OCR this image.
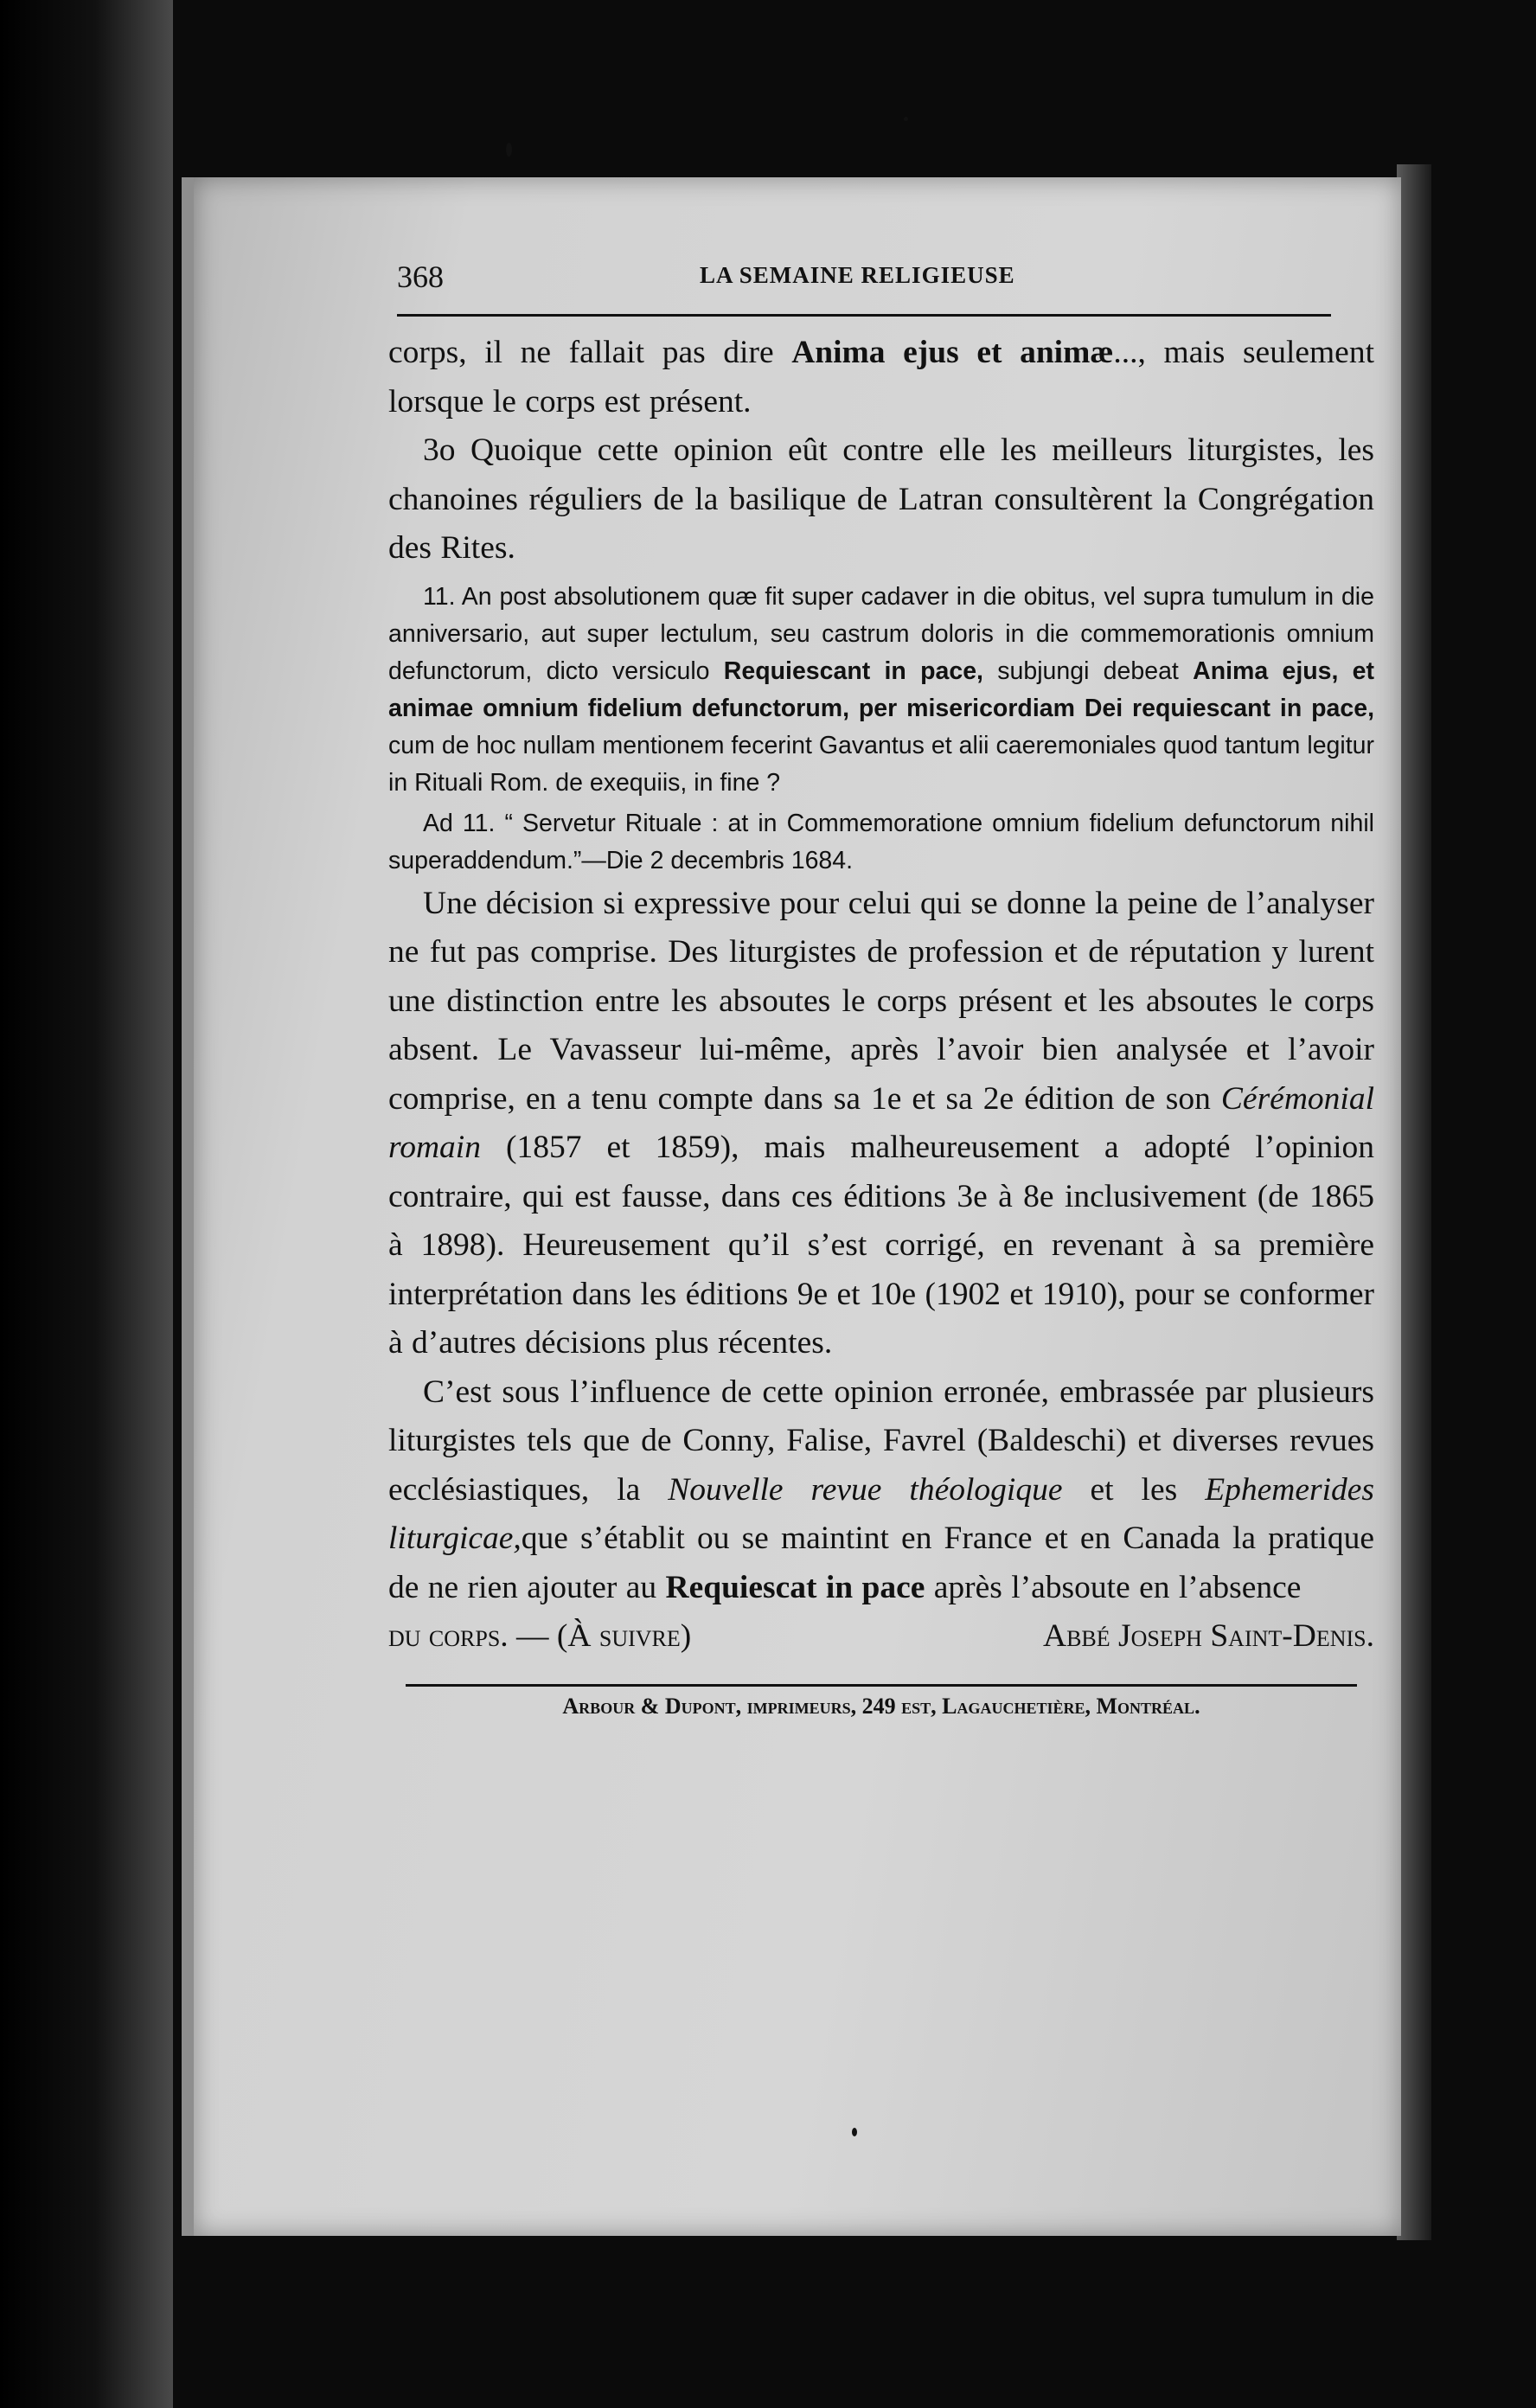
368	LA SEMAINE RELIGIEUSE

corps, il ne fallait pas dire Anima ejus et animæ..., mais seulement lorsque le corps est présent.

3o Quoique cette opinion eût contre elle les meilleurs liturgistes, les chanoines réguliers de la basilique de Latran consultèrent la Congrégation des Rites.

11. An post absolutionem quæ fit super cadaver in die obitus, vel supra tumulum in die anniversario, aut super lectulum, seu castrum doloris in die commemorationis omnium defunctorum, dicto versiculo Requiescant in pace, subjungi debeat Anima ejus, et animae omnium fidelium defunctorum, per misericordiam Dei requiescant in pace, cum de hoc nullam mentionem fecerint Gavantus et alii caeremoniales quod tantum legitur in Rituali Rom. de exequiis, in fine ?

Ad 11. “ Servetur Rituale : at in Commemoratione omnium fidelium defunctorum nihil superaddendum.”—Die 2 decembris 1684.

Une décision si expressive pour celui qui se donne la peine de l’analyser ne fut pas comprise. Des liturgistes de profession et de réputation y lurent une distinction entre les absoutes le corps présent et les absoutes le corps absent. Le Vavasseur lui-même, après l’avoir bien analysée et l’avoir comprise, en a tenu compte dans sa 1e et sa 2e édition de son Cérémonial romain (1857 et 1859), mais malheureusement a adopté l’opinion contraire, qui est fausse, dans ces éditions 3e à 8e inclusivement (de 1865 à 1898). Heureusement qu’il s’est corrigé, en revenant à sa première interprétation dans les éditions 9e et 10e (1902 et 1910), pour se conformer à d’autres décisions plus récentes.

C’est sous l’influence de cette opinion erronée, embrassée par plusieurs liturgistes tels que de Conny, Falise, Favrel (Baldeschi) et diverses revues ecclésiastiques, la Nouvelle revue théologique et les Ephemerides liturgicae,que s’établit ou se maintint en France et en Canada la pratique de ne rien ajouter au Requiescat in pace après l’absoute en l’absence

du corps. — (À suivre)	Abbé Joseph Saint-Denis.
Arbour & Dupont, imprimeurs, 249 est, Lagauchetière, Montréal.
